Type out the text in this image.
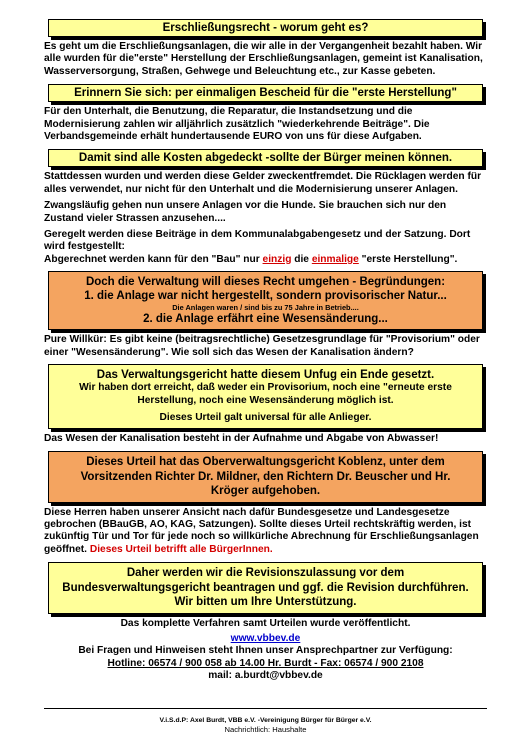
Erschließungsrecht - worum geht es?

Es geht um die Erschließungsanlagen, die wir alle in der Vergangenheit bezahlt haben. Wir alle wurden für die"erste" Herstellung der Erschließungsanlagen, gemeint ist Kanalisation, Wasserversorgung, Straßen, Gehwege und Beleuchtung etc., zur Kasse gebeten.

Erinnern Sie sich: per einmaligen Bescheid für die "erste Herstellung"

Für den Unterhalt, die Benutzung, die Reparatur, die Instandsetzung und die Modernisierung zahlen wir alljährlich zusätzlich "wiederkehrende Beiträge". Die Verbandsgemeinde erhält hundertausende EURO von uns für diese Aufgaben.

Damit sind alle Kosten abgedeckt -sollte der Bürger meinen können.

Stattdessen wurden und werden diese Gelder zweckentfremdet. Die Rücklagen werden für alles verwendet, nur nicht für den Unterhalt und die Modernisierung unserer Anlagen.

Zwangsläufig gehen nun unsere Anlagen vor die Hunde. Sie brauchen sich nur den Zustand vieler Strassen anzusehen....

Geregelt werden diese Beiträge in dem Kommunalabgabengesetz und der Satzung. Dort wird festgestellt:

Abgerechnet werden kann für den "Bau" nur einzig die einmalige "erste Herstellung".

Doch die Verwaltung will dieses Recht umgehen - Begründungen:
1. die Anlage war nicht hergestellt, sondern provisorischer Natur...
Die Anlagen waren / sind bis zu 75 Jahre in Betrieb....
2. die Anlage erfährt eine Wesensänderung...

Pure Willkür: Es gibt keine (beitragsrechtliche) Gesetzesgrundlage für "Provisorium" oder einer "Wesensänderung". Wie soll sich das Wesen der Kanalisation ändern?

Das Verwaltungsgericht hatte diesem Unfug ein Ende gesetzt.
Wir haben dort erreicht, daß weder ein Provisorium, noch eine "erneute erste Herstellung, noch eine Wesensänderung möglich ist.
Dieses Urteil galt universal für alle Anlieger.

Das Wesen der Kanalisation besteht in der Aufnahme und Abgabe von Abwasser!

Dieses Urteil hat das Oberverwaltungsgericht Koblenz, unter dem Vorsitzenden Richter Dr. Mildner, den Richtern Dr. Beuscher und Hr. Kröger aufgehoben.

Diese Herren haben unserer Ansicht nach dafür Bundesgesetze und Landesgesetze gebrochen (BBauGB, AO, KAG, Satzungen). Sollte dieses Urteil rechtskräftig werden, ist zukünftig Tür und Tor für jede noch so willkürliche Abrechnung für Erschließungsanlagen geöffnet. Dieses Urteil betrifft alle BürgerInnen.

Daher werden wir die Revisionszulassung vor dem Bundesverwaltungsgericht beantragen und ggf. die Revision durchführen. Wir bitten um Ihre Unterstützung.

Das komplette Verfahren samt Urteilen wurde veröffentlicht.

www.vbbev.de

Bei Fragen und Hinweisen steht Ihnen unser Ansprechpartner zur Verfügung:

Hotline: 06574 / 900 058 ab 14.00 Hr. Burdt - Fax: 06574 / 900 2108

mail: a.burdt@vbbev.de

V.i.S.d.P: Axel Burdt, VBB e.V. -Vereinigung Bürger für Bürger e.V.
Nachrichtlich: Haushalte
